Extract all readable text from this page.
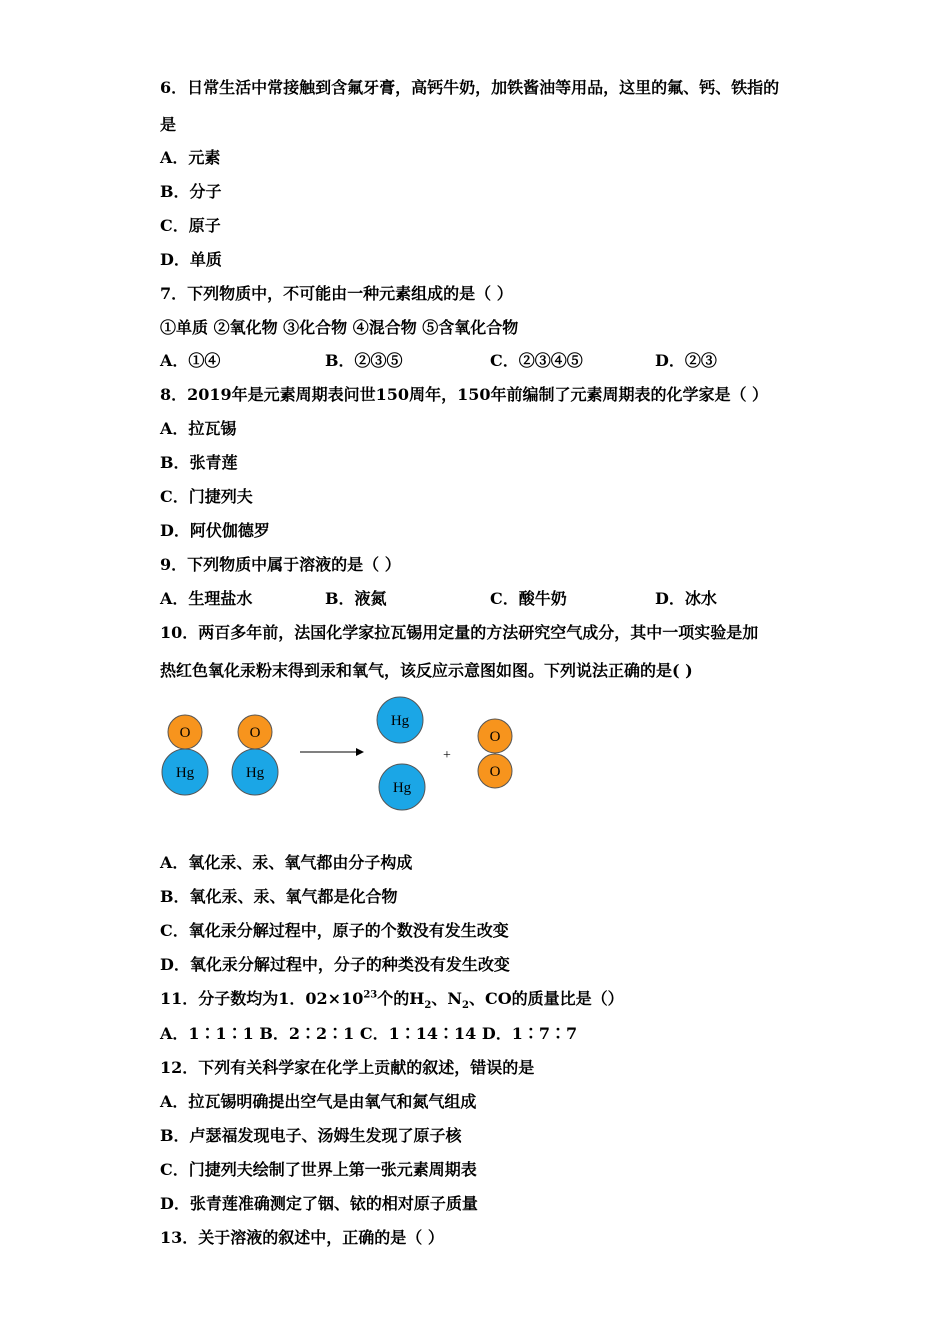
6．日常生活中常接触到含氟牙膏，高钙牛奶，加铁酱油等用品，这里的氟、钙、铁指的
是
A．元素
B．分子
C．原子
D．单质
7．下列物质中，不可能由一种元素组成的是（ ）
①单质 ②氧化物 ③化合物 ④混合物 ⑤含氧化合物
A．①④	B．②③⑤	C．②③④⑤	D．②③
8．2019年是元素周期表问世150周年，150年前编制了元素周期表的化学家是（ ）
A．拉瓦锡
B．张青莲
C．门捷列夫
D．阿伏伽德罗
9．下列物质中属于溶液的是（ ）
A．生理盐水	B．液氮	C．酸牛奶	D．冰水
10．两百多年前，法国化学家拉瓦锡用定量的方法研究空气成分，其中一项实验是加
热红色氧化汞粉末得到汞和氧气，该反应示意图如图。下列说法正确的是( )
O
Hg
O
Hg
Hg
Hg
+
O
O
A．氧化汞、汞、氧气都由分子构成
B．氧化汞、汞、氧气都是化合物
C．氧化汞分解过程中，原子的个数没有发生改变
D．氧化汞分解过程中，分子的种类没有发生改变
11．分子数均为1．$02\times 10^{23}$个的$H_2$、$N_2$、CO的质量比是（）
A．1∶1∶1 B．2∶2∶1 C．1∶14∶14 D．1∶7∶7
12．下列有关科学家在化学上贡献的叙述，错误的是
A．拉瓦锡明确提出空气是由氧气和氮气组成
B．卢瑟福发现电子、汤姆生发现了原子核
C．门捷列夫绘制了世界上第一张元素周期表
D．张青莲准确测定了铟、铱的相对原子质量
13．关于溶液的叙述中，正确的是（ ）
